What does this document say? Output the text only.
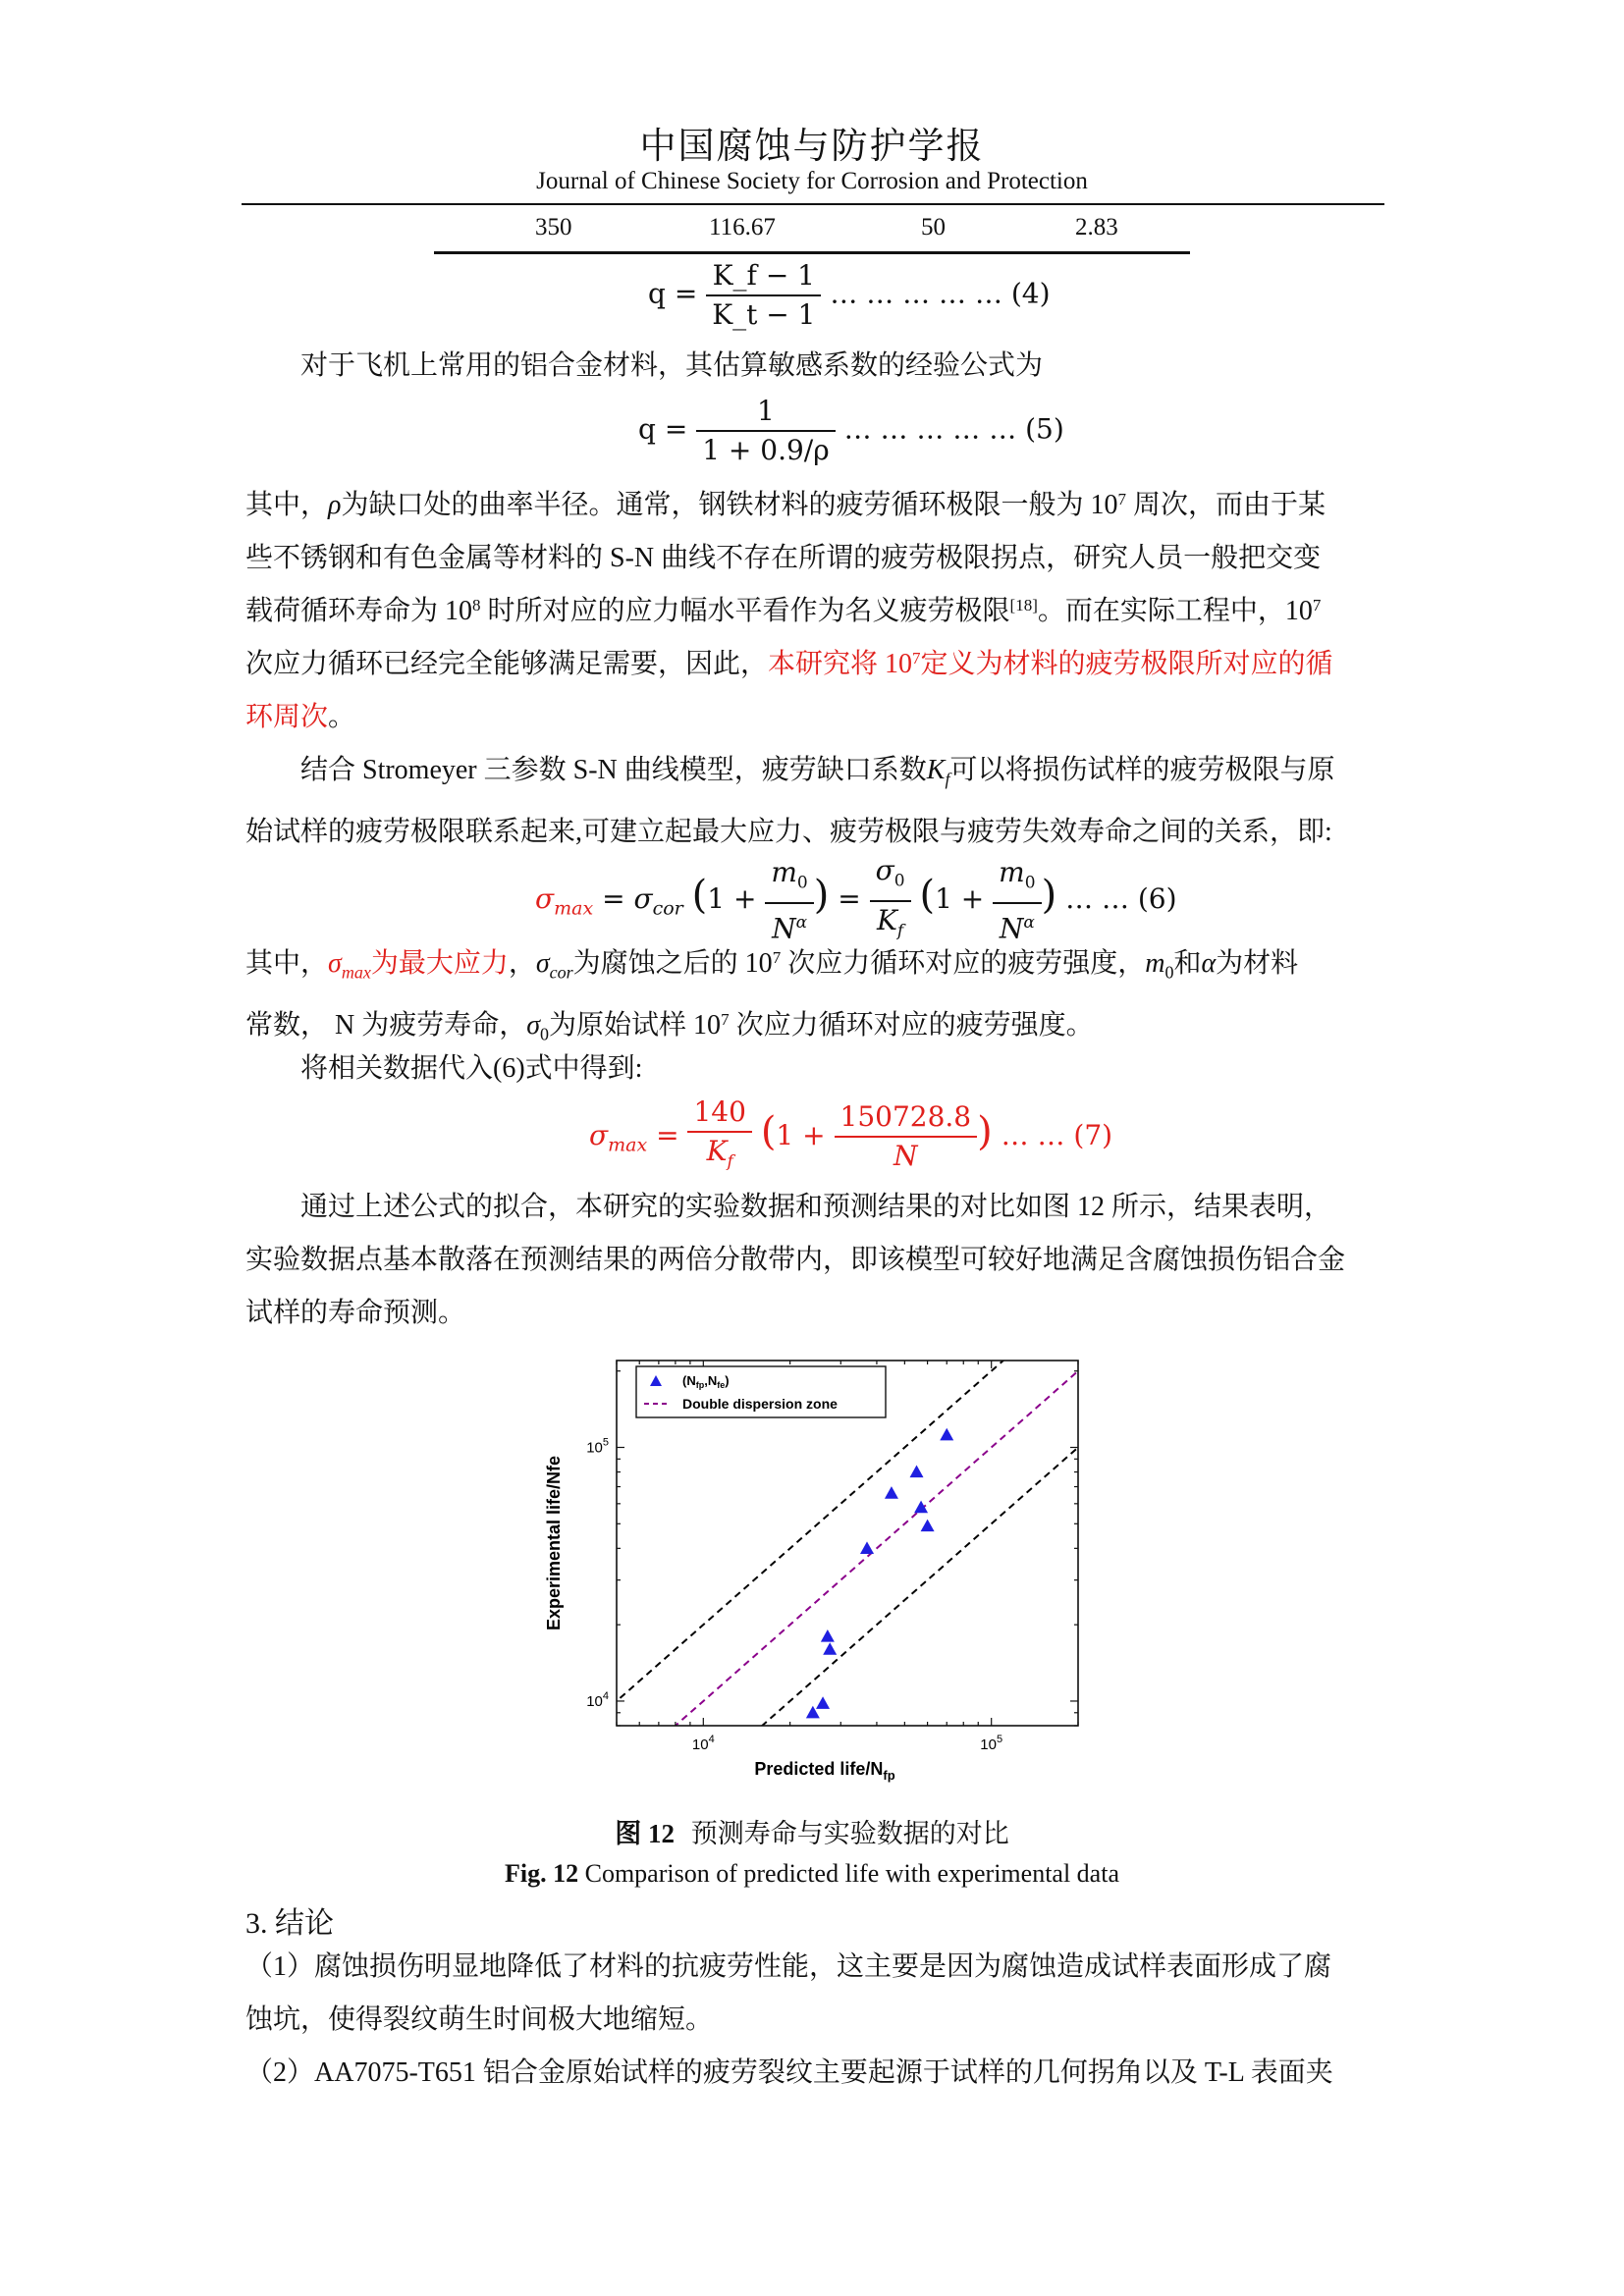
中国腐蚀与防护学报
Journal of Chinese Society for Corrosion and Protection
350	116.67	50	2.83
$q = \frac{K\_f - 1}{K\_t - 1}$ … … … … … (4)
对于飞机上常用的铝合金材料，其估算敏感系数的经验公式为
$q = \frac{1}{1 + 0.9/\rho}$ … … … … … (5)
其中，ρ为缺口处的曲率半径。通常，钢铁材料的疲劳循环极限一般为 $10^7$ 周次，而由于某
些不锈钢和有色金属等材料的 S-N 曲线不存在所谓的疲劳极限拐点，研究人员一般把交变
载荷循环寿命为 $10^8$ 时所对应的应力幅水平看作为名义疲劳极限[18]。而在实际工程中，$10^7$
次应力循环已经完全能够满足需要，因此，本研究将 $10^7$定义为材料的疲劳极限所对应的循
环周次。
结合 Stromeyer 三参数 S-N 曲线模型，疲劳缺口系数$K_f$可以将损伤试样的疲劳极限与原
始试样的疲劳极限联系起来,可建立起最大应力、疲劳极限与疲劳失效寿命之间的关系，即:
$\sigma_{max} = \sigma_{cor}$ ($1 + \frac{m_0}{N^\alpha}$ ) = $\frac{\sigma_0}{K_f} (1 + \frac{m_0}{N^\alpha}$ ) … … (6)
其中，$\sigma_{max}$为最大应力，$\sigma_{cor}$为腐蚀之后的 $10^7$ 次应力循环对应的疲劳强度，$m_0$和α为材料
常数， N 为疲劳寿命，$\sigma_0$为原始试样 $10^7$ 次应力循环对应的疲劳强度。
将相关数据代入(6)式中得到:
$\sigma_{max} = \frac{140}{K_f} (1 + \frac{150728.8}{N}$ ) … … (7)
通过上述公式的拟合，本研究的实验数据和预测结果的对比如图 12 所示，结果表明，
实验数据点基本散落在预测结果的两倍分散带内，即该模型可较好地满足含腐蚀损伤铝合金
试样的寿命预测。
$10^4$	$10^5$
$10^4$
$10^5$
$(N_{fp},N_{fe})$
Double dispersion zone
Predicted life/$N_{fp}$
Experimental life/Nfe
图 12 预测寿命与实验数据的对比
Fig. 12 Comparison of predicted life with experimental data
3. 结论
（1）腐蚀损伤明显地降低了材料的抗疲劳性能，这主要是因为腐蚀造成试样表面形成了腐
蚀坑，使得裂纹萌生时间极大地缩短。
（2）AA7075-T651 铝合金原始试样的疲劳裂纹主要起源于试样的几何拐角以及 T-L 表面夹
